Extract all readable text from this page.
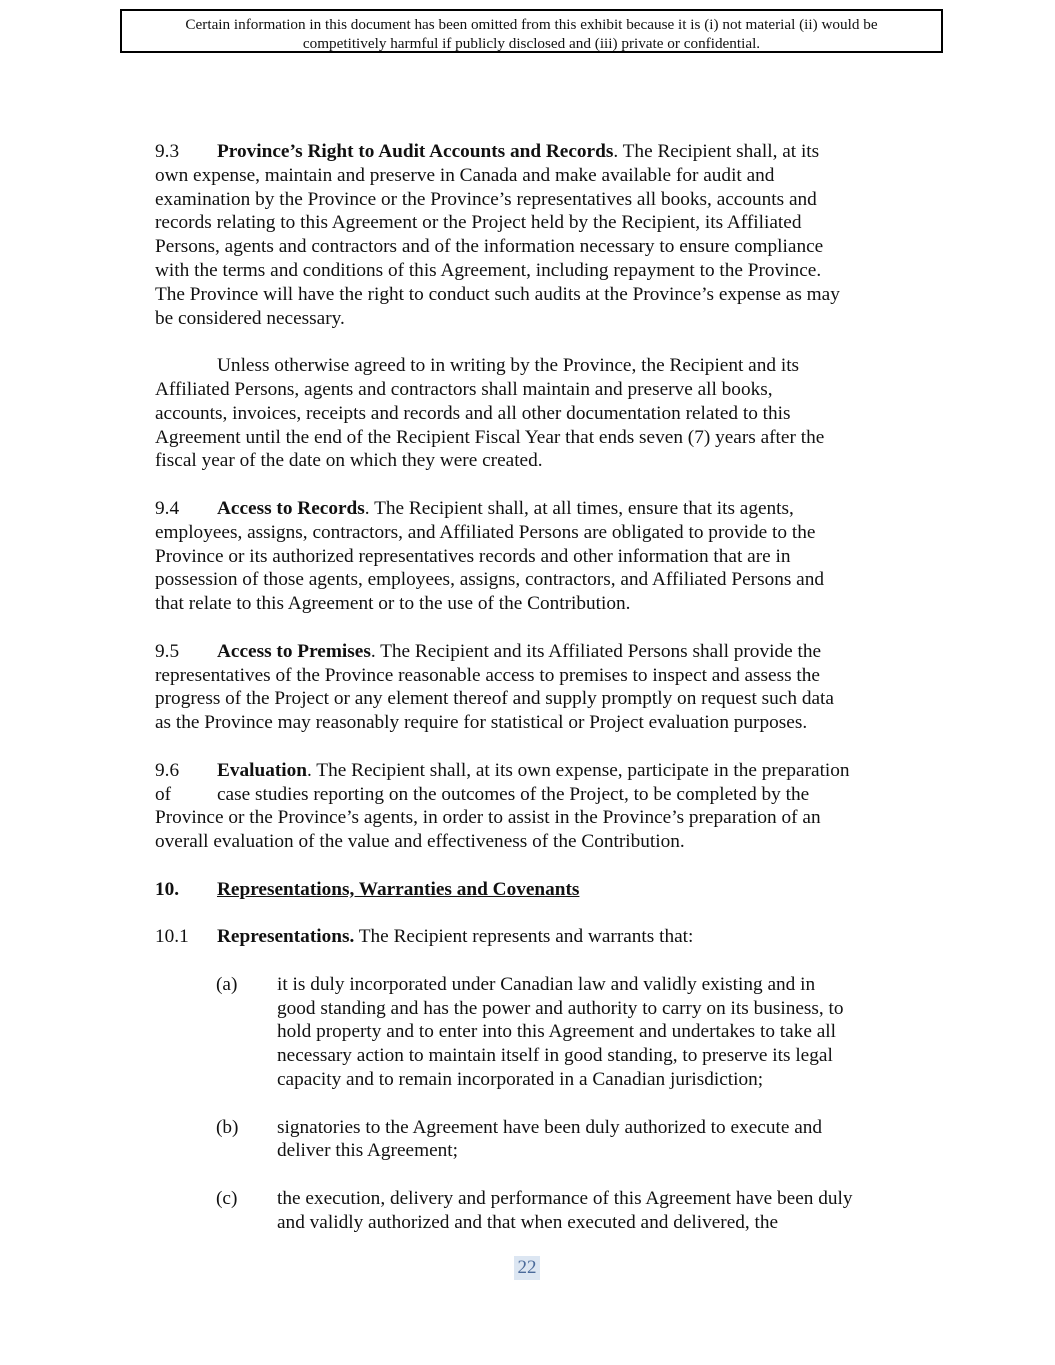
Certain information in this document has been omitted from this exhibit because it is (i) not material (ii) would be
competitively harmful if publicly disclosed and (iii) private or confidential.
9.3 Province’s Right to Audit Accounts and Records. The Recipient shall, at its
own expense, maintain and preserve in Canada and make available for audit and
examination by the Province or the Province’s representatives all books, accounts and
records relating to this Agreement or the Project held by the Recipient, its Affiliated
Persons, agents and contractors and of the information necessary to ensure compliance
with the terms and conditions of this Agreement, including repayment to the Province.
The Province will have the right to conduct such audits at the Province’s expense as may
be considered necessary.
Unless otherwise agreed to in writing by the Province, the Recipient and its
Affiliated Persons, agents and contractors shall maintain and preserve all books,
accounts, invoices, receipts and records and all other documentation related to this
Agreement until the end of the Recipient Fiscal Year that ends seven (7) years after the
fiscal year of the date on which they were created.
9.4 Access to Records. The Recipient shall, at all times, ensure that its agents,
employees, assigns, contractors, and Affiliated Persons are obligated to provide to the
Province or its authorized representatives records and other information that are in
possession of those agents, employees, assigns, contractors, and Affiliated Persons and
that relate to this Agreement or to the use of the Contribution.
9.5 Access to Premises. The Recipient and its Affiliated Persons shall provide the
representatives of the Province reasonable access to premises to inspect and assess the
progress of the Project or any element thereof and supply promptly on request such data
as the Province may reasonably require for statistical or Project evaluation purposes.
9.6 Evaluation. The Recipient shall, at its own expense, participate in the preparation
of case studies reporting on the outcomes of the Project, to be completed by the
Province or the Province’s agents, in order to assist in the Province’s preparation of an
overall evaluation of the value and effectiveness of the Contribution.
10. Representations, Warranties and Covenants
10.1 Representations. The Recipient represents and warrants that:
(a) it is duly incorporated under Canadian law and validly existing and in
good standing and has the power and authority to carry on its business, to
hold property and to enter into this Agreement and undertakes to take all
necessary action to maintain itself in good standing, to preserve its legal
capacity and to remain incorporated in a Canadian jurisdiction;
(b) signatories to the Agreement have been duly authorized to execute and
deliver this Agreement;
(c) the execution, delivery and performance of this Agreement have been duly
and validly authorized and that when executed and delivered, the
22
